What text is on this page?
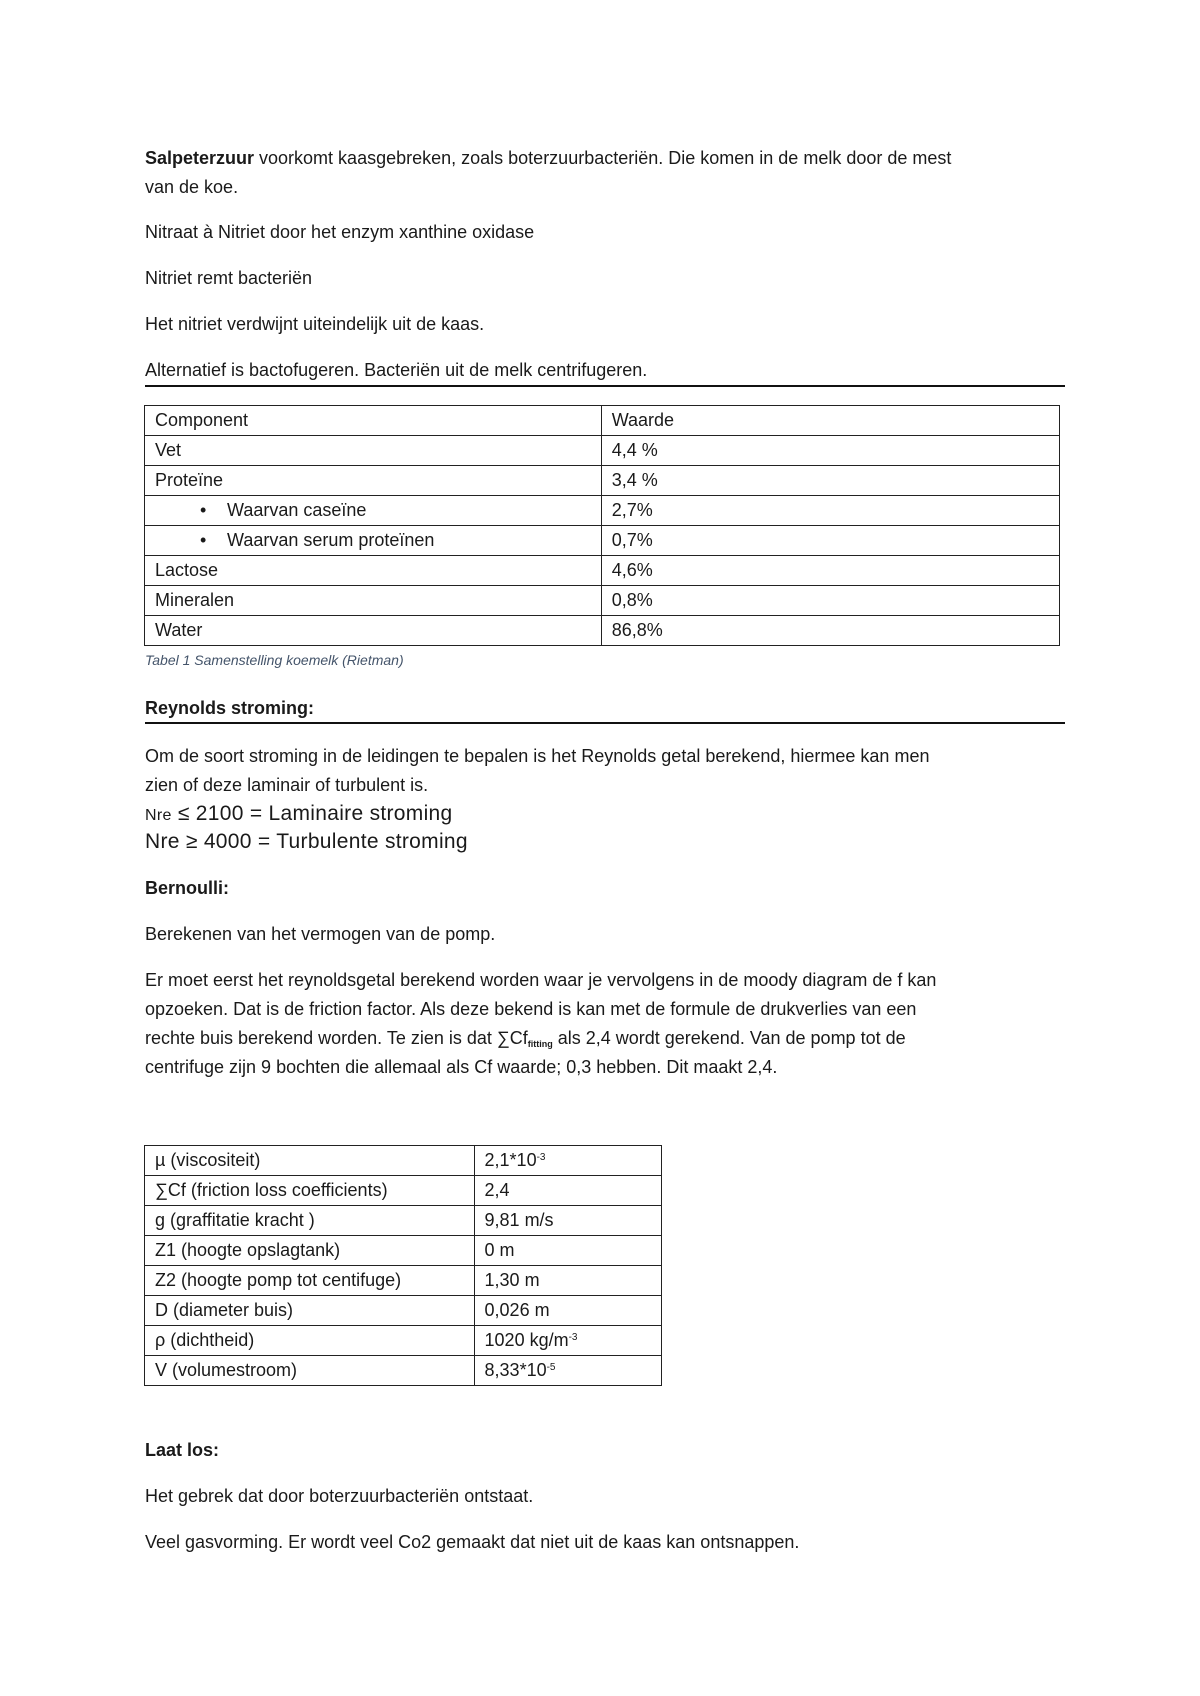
Salpeterzuur voorkomt kaasgebreken, zoals boterzuurbacteriën. Die komen in de melk door de mest
van de koe.

Nitraat à Nitriet door het enzym xanthine oxidase

Nitriet remt bacteriën

Het nitriet verdwijnt uiteindelijk uit de kaas.

Alternatief is bactofugeren. Bacteriën uit de melk centrifugeren.

Component	Waarde
Vet	4,4 %
Proteïne	3,4 %
• Waarvan caseïne	2,7%
• Waarvan serum proteïnen	0,7%
Lactose	4,6%
Mineralen	0,8%
Water	86,8%
Tabel 1 Samenstelling koemelk (Rietman)

Reynolds stroming:

Om de soort stroming in de leidingen te bepalen is het Reynolds getal berekend, hiermee kan men
zien of deze laminair of turbulent is.

Nre ≤ 2100 = Laminaire stroming
Nre ≥ 4000 = Turbulente stroming

Bernoulli:

Berekenen van het vermogen van de pomp.

Er moet eerst het reynoldsgetal berekend worden waar je vervolgens in de moody diagram de f kan
opzoeken. Dat is de friction factor. Als deze bekend is kan met de formule de drukverlies van een
rechte buis berekend worden. Te zien is dat $\sum Cf_{fitting}$ als 2,4 wordt gerekend. Van de pomp tot de
centrifuge zijn 9 bochten die allemaal als Cf waarde; 0,3 hebben. Dit maakt 2,4.

µ (viscositeit)	$2,1*10^{-3}$
∑Cf (friction loss coefficients)	2,4
g (graffitatie kracht )	9,81 m/s
Z1 (hoogte opslagtank)	0 m
Z2 (hoogte pomp tot centifuge)	1,30 m
D (diameter buis)	0,026 m
ρ (dichtheid)	1020 $kg/m^{-3}$
V (volumestroom)	$8,33*10^{-5}$

Laat los:

Het gebrek dat door boterzuurbacteriën ontstaat.

Veel gasvorming. Er wordt veel Co2 gemaakt dat niet uit de kaas kan ontsnappen.
